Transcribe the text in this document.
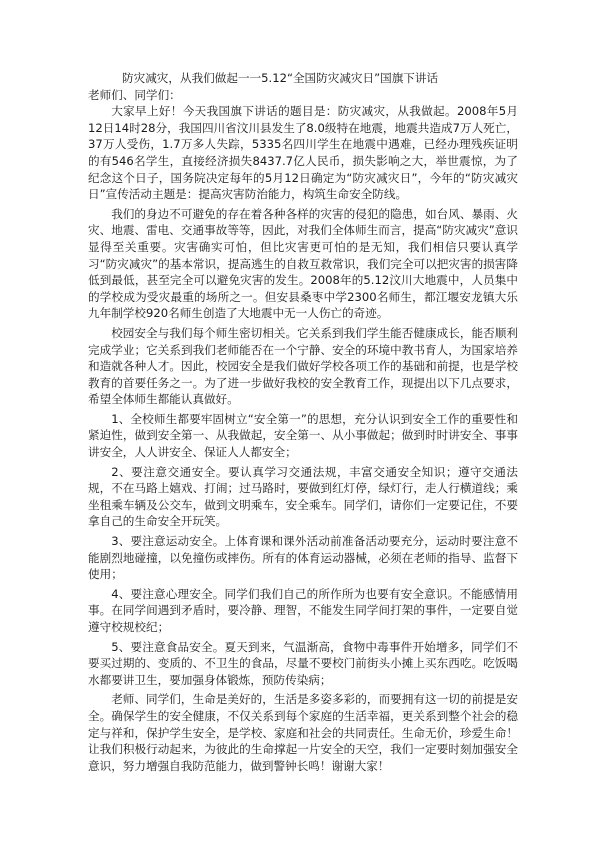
防灾减灾，从我们做起一一5.12“全国防灾减灾日”国旗下讲话

老师们、同学们：

大家早上好！今天我国旗下讲话的题目是：防灾减灾，从我做起。2008年5月12日14时28分，我国四川省汶川县发生了8.0级特在地震，地震共造成7万人死亡，37万人受伤，1.7万多人失踪，5335名四川学生在地震中遇难，已经办理残疾证明的有546名学生，直接经济损失8437.7亿人民币，损失影响之大，举世震惊，为了纪念这个日子，国务院决定每年的5月12日确定为“防灾减灾日”，今年的“防灾减灾日”宣传活动主题是：提高灾害防治能力，构筑生命安全防线。

我们的身边不可避免的存在着各种各样的灾害的侵犯的隐患，如台风、暴雨、火灾、地震、雷电、交通事故等等，因此，对我们全体师生而言，提高“防灾减灾”意识显得至关重要。灾害确实可怕，但比灾害更可怕的是无知，我们相信只要认真学习“防灾减灾”的基本常识，提高逃生的自救互救常识，我们完全可以把灾害的损害降低到最低，甚至完全可以避免灾害的发生。2008年的5.12汶川大地震中，人员集中的学校成为受灾最重的场所之一。但安县桑枣中学2300名师生，都江堰安龙镇大乐九年制学校920名师生创造了大地震中无一人伤亡的奇迹。

校园安全与我们每个师生密切相关。它关系到我们学生能否健康成长，能否顺利完成学业；它关系到我们老师能否在一个宁静、安全的环境中教书育人，为国家培养和造就各种人才。因此，校园安全是我们做好学校各项工作的基础和前提，也是学校教育的首要任务之一。为了进一步做好我校的安全教育工作，现提出以下几点要求，希望全体师生都能认真做好。

1、全校师生都要牢固树立“安全第一”的思想，充分认识到安全工作的重要性和紧迫性，做到安全第一、从我做起，安全第一、从小事做起；做到时时讲安全、事事讲安全，人人讲安全、保证人人都安全；

2、要注意交通安全。要认真学习交通法规，丰富交通安全知识；遵守交通法规，不在马路上嬉戏、打闹；过马路时，要做到红灯停，绿灯行，走人行横道线；乘坐租乘车辆及公交车，做到文明乘车，安全乘车。同学们，请你们一定要记住，不要拿自己的生命安全开玩笑。

3、要注意运动安全。上体育课和课外活动前准备活动要充分，运动时要注意不能剧烈地碰撞，以免撞伤或摔伤。所有的体育运动器械，必须在老师的指导、监督下使用；

4、要注意心理安全。同学们我们自己的所作所为也要有安全意识。不能感情用事。在同学间遇到矛盾时，要冷静、理智，不能发生同学间打架的事件，一定要自觉遵守校规校纪；

5、要注意食品安全。夏天到来，气温渐高，食物中毒事件开始增多，同学们不要买过期的、变质的、不卫生的食品，尽量不要校门前街头小摊上买东西吃。吃饭喝水都要讲卫生，要加强身体锻炼，预防传染病；

老师、同学们，生命是美好的，生活是多姿多彩的，而要拥有这一切的前提是安全。确保学生的安全健康，不仅关系到每个家庭的生活幸福，更关系到整个社会的稳定与祥和，保护学生安全，是学校、家庭和社会的共同责任。生命无价，珍爱生命！让我们积极行动起来，为彼此的生命撑起一片安全的天空，我们一定要时刻加强安全意识，努力增强自我防范能力，做到警钟长鸣！谢谢大家！
